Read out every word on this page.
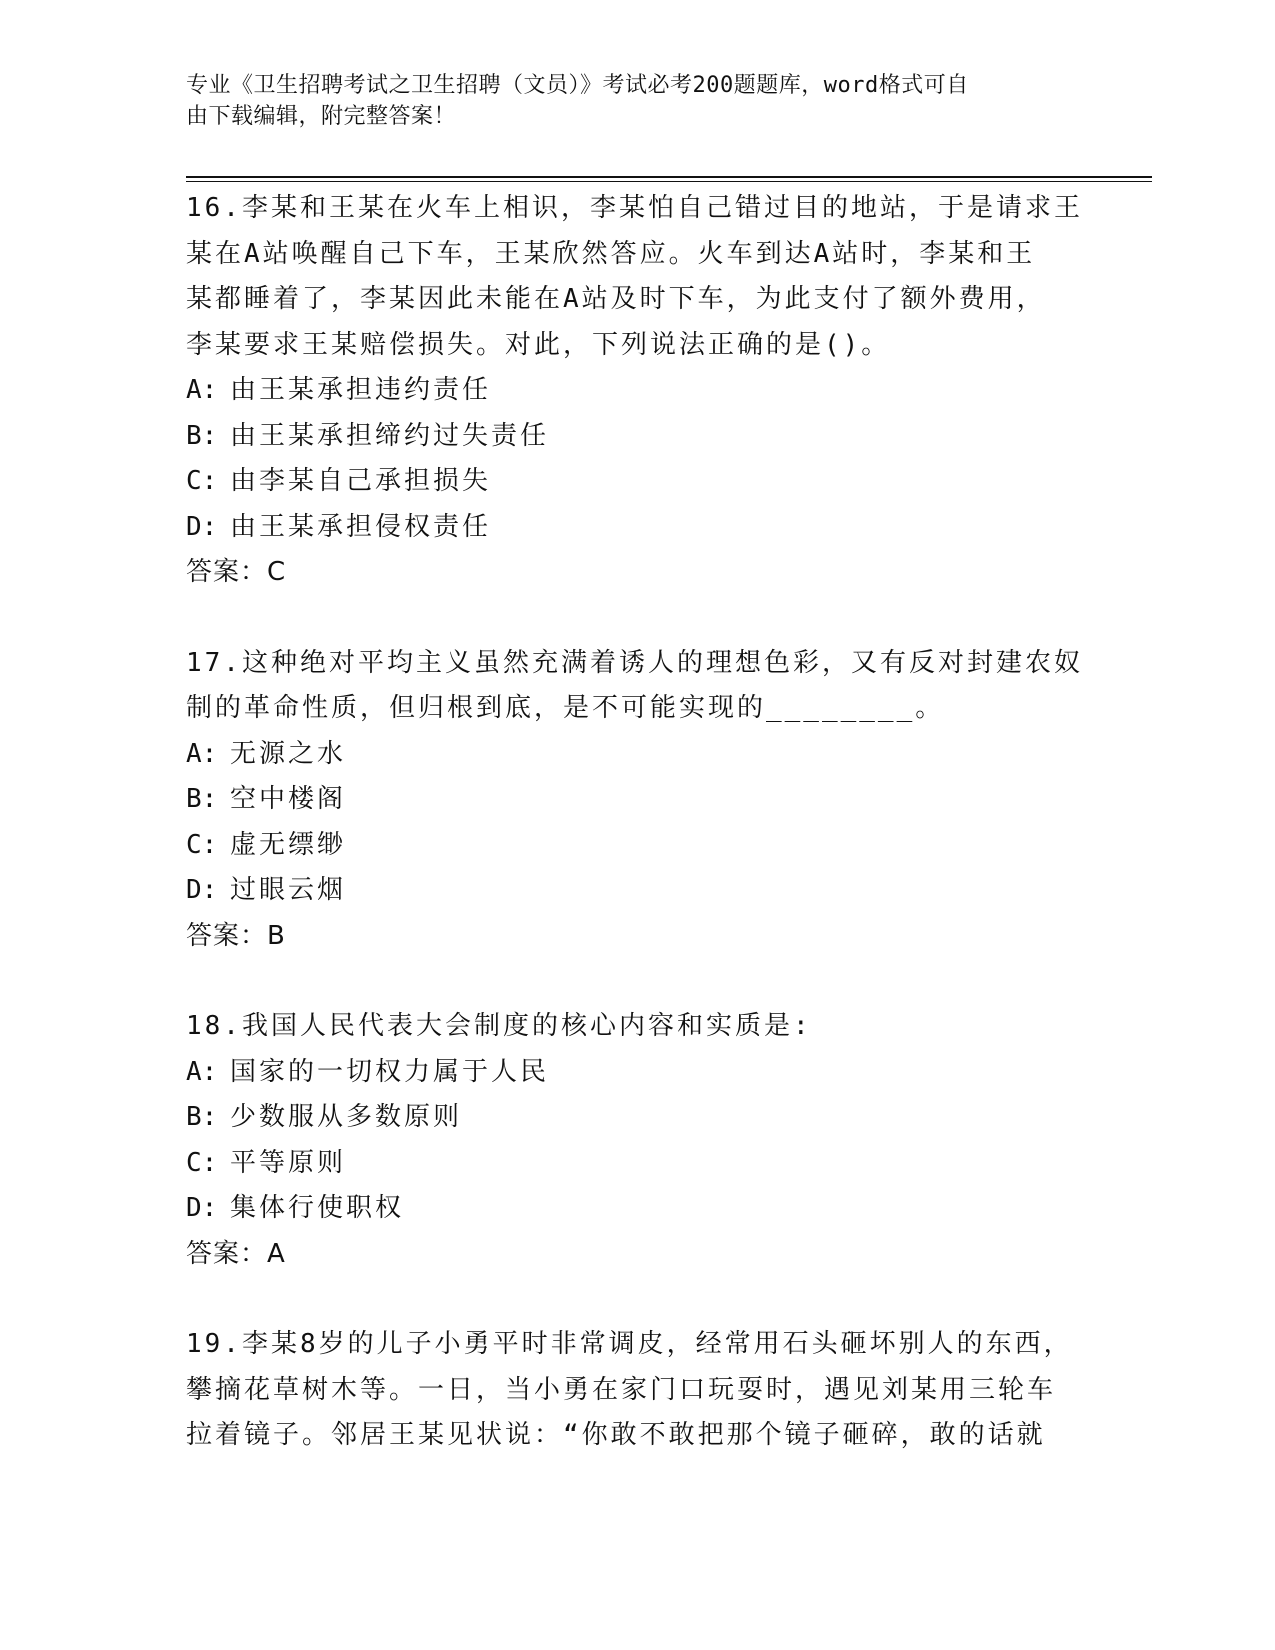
专业《卫生招聘考试之卫生招聘（文员）》考试必考200题题库，word格式可自
由下载编辑，附完整答案！

16.李某和王某在火车上相识，李某怕自己错过目的地站，于是请求王

某在A站唤醒自己下车，王某欣然答应。火车到达A站时，李某和王

某都睡着了，李某因此未能在A站及时下车，为此支付了额外费用，

李某要求王某赔偿损失。对此，下列说法正确的是()。

A: 由王某承担违约责任

B: 由王某承担缔约过失责任

C: 由李某自己承担损失

D: 由王某承担侵权责任

答案：C

17.这种绝对平均主义虽然充满着诱人的理想色彩，又有反对封建农奴

制的革命性质，但归根到底，是不可能实现的________。

A: 无源之水

B: 空中楼阁

C: 虚无缥缈

D: 过眼云烟

答案：B

18.我国人民代表大会制度的核心内容和实质是:

A: 国家的一切权力属于人民

B: 少数服从多数原则

C: 平等原则

D: 集体行使职权

答案：A

19.李某8岁的儿子小勇平时非常调皮，经常用石头砸坏别人的东西，

攀摘花草树木等。一日，当小勇在家门口玩耍时，遇见刘某用三轮车

拉着镜子。邻居王某见状说：“你敢不敢把那个镜子砸碎，敢的话就
